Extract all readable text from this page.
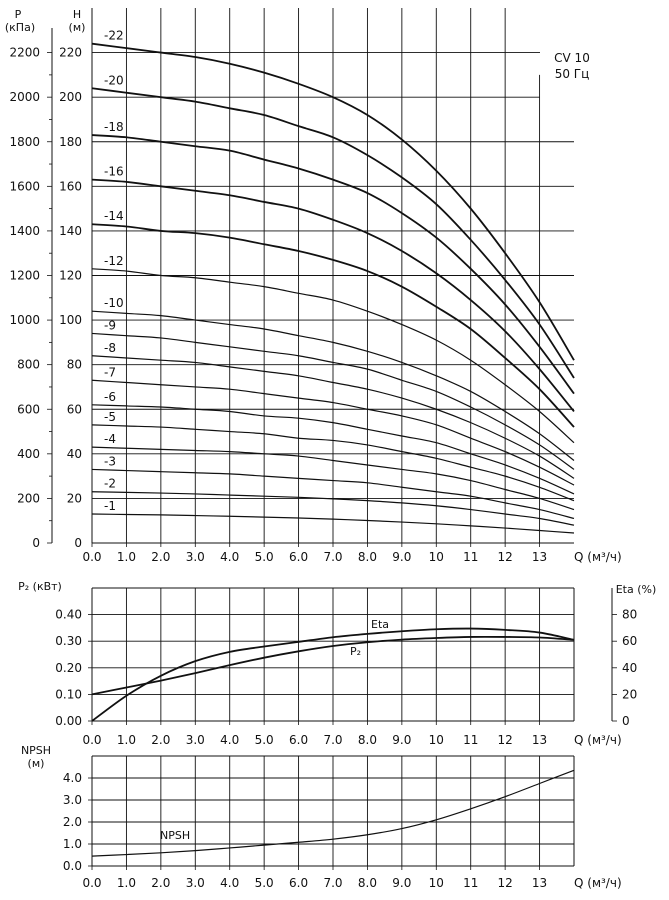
0
0
20
200
40
400
60
600
80
800
100
1000
120
1200
140
1400
160
1600
180
1800
200
2000
220
2200
0.0 1.0 2.0 3.0 4.0 5.0 6.0 7.0 8.0 9.0 10 11 12 13 Q (м³/ч)
P
(кПа)
H
(м)
CV 10
50 Гц
-22
-20
-18
-16
-14
-12
-10
-9
-8
-7
-6
-5
-4
-3
-2
-1
0.00
0.10
0.20
0.30
0.40
0
20
40
60
80
0.0 1.0 2.0 3.0 4.0 5.0 6.0 7.0 8.0 9.0 10 11 12 13 Q (м³/ч)
P₂ (кВт)	Eta (%)
Eta
P₂
0.0
1.0
2.0
3.0
4.0
0.0 1.0 2.0 3.0 4.0 5.0 6.0 7.0 8.0 9.0 10 11 12 13 Q (м³/ч)
NPSH
(м)
NPSH
